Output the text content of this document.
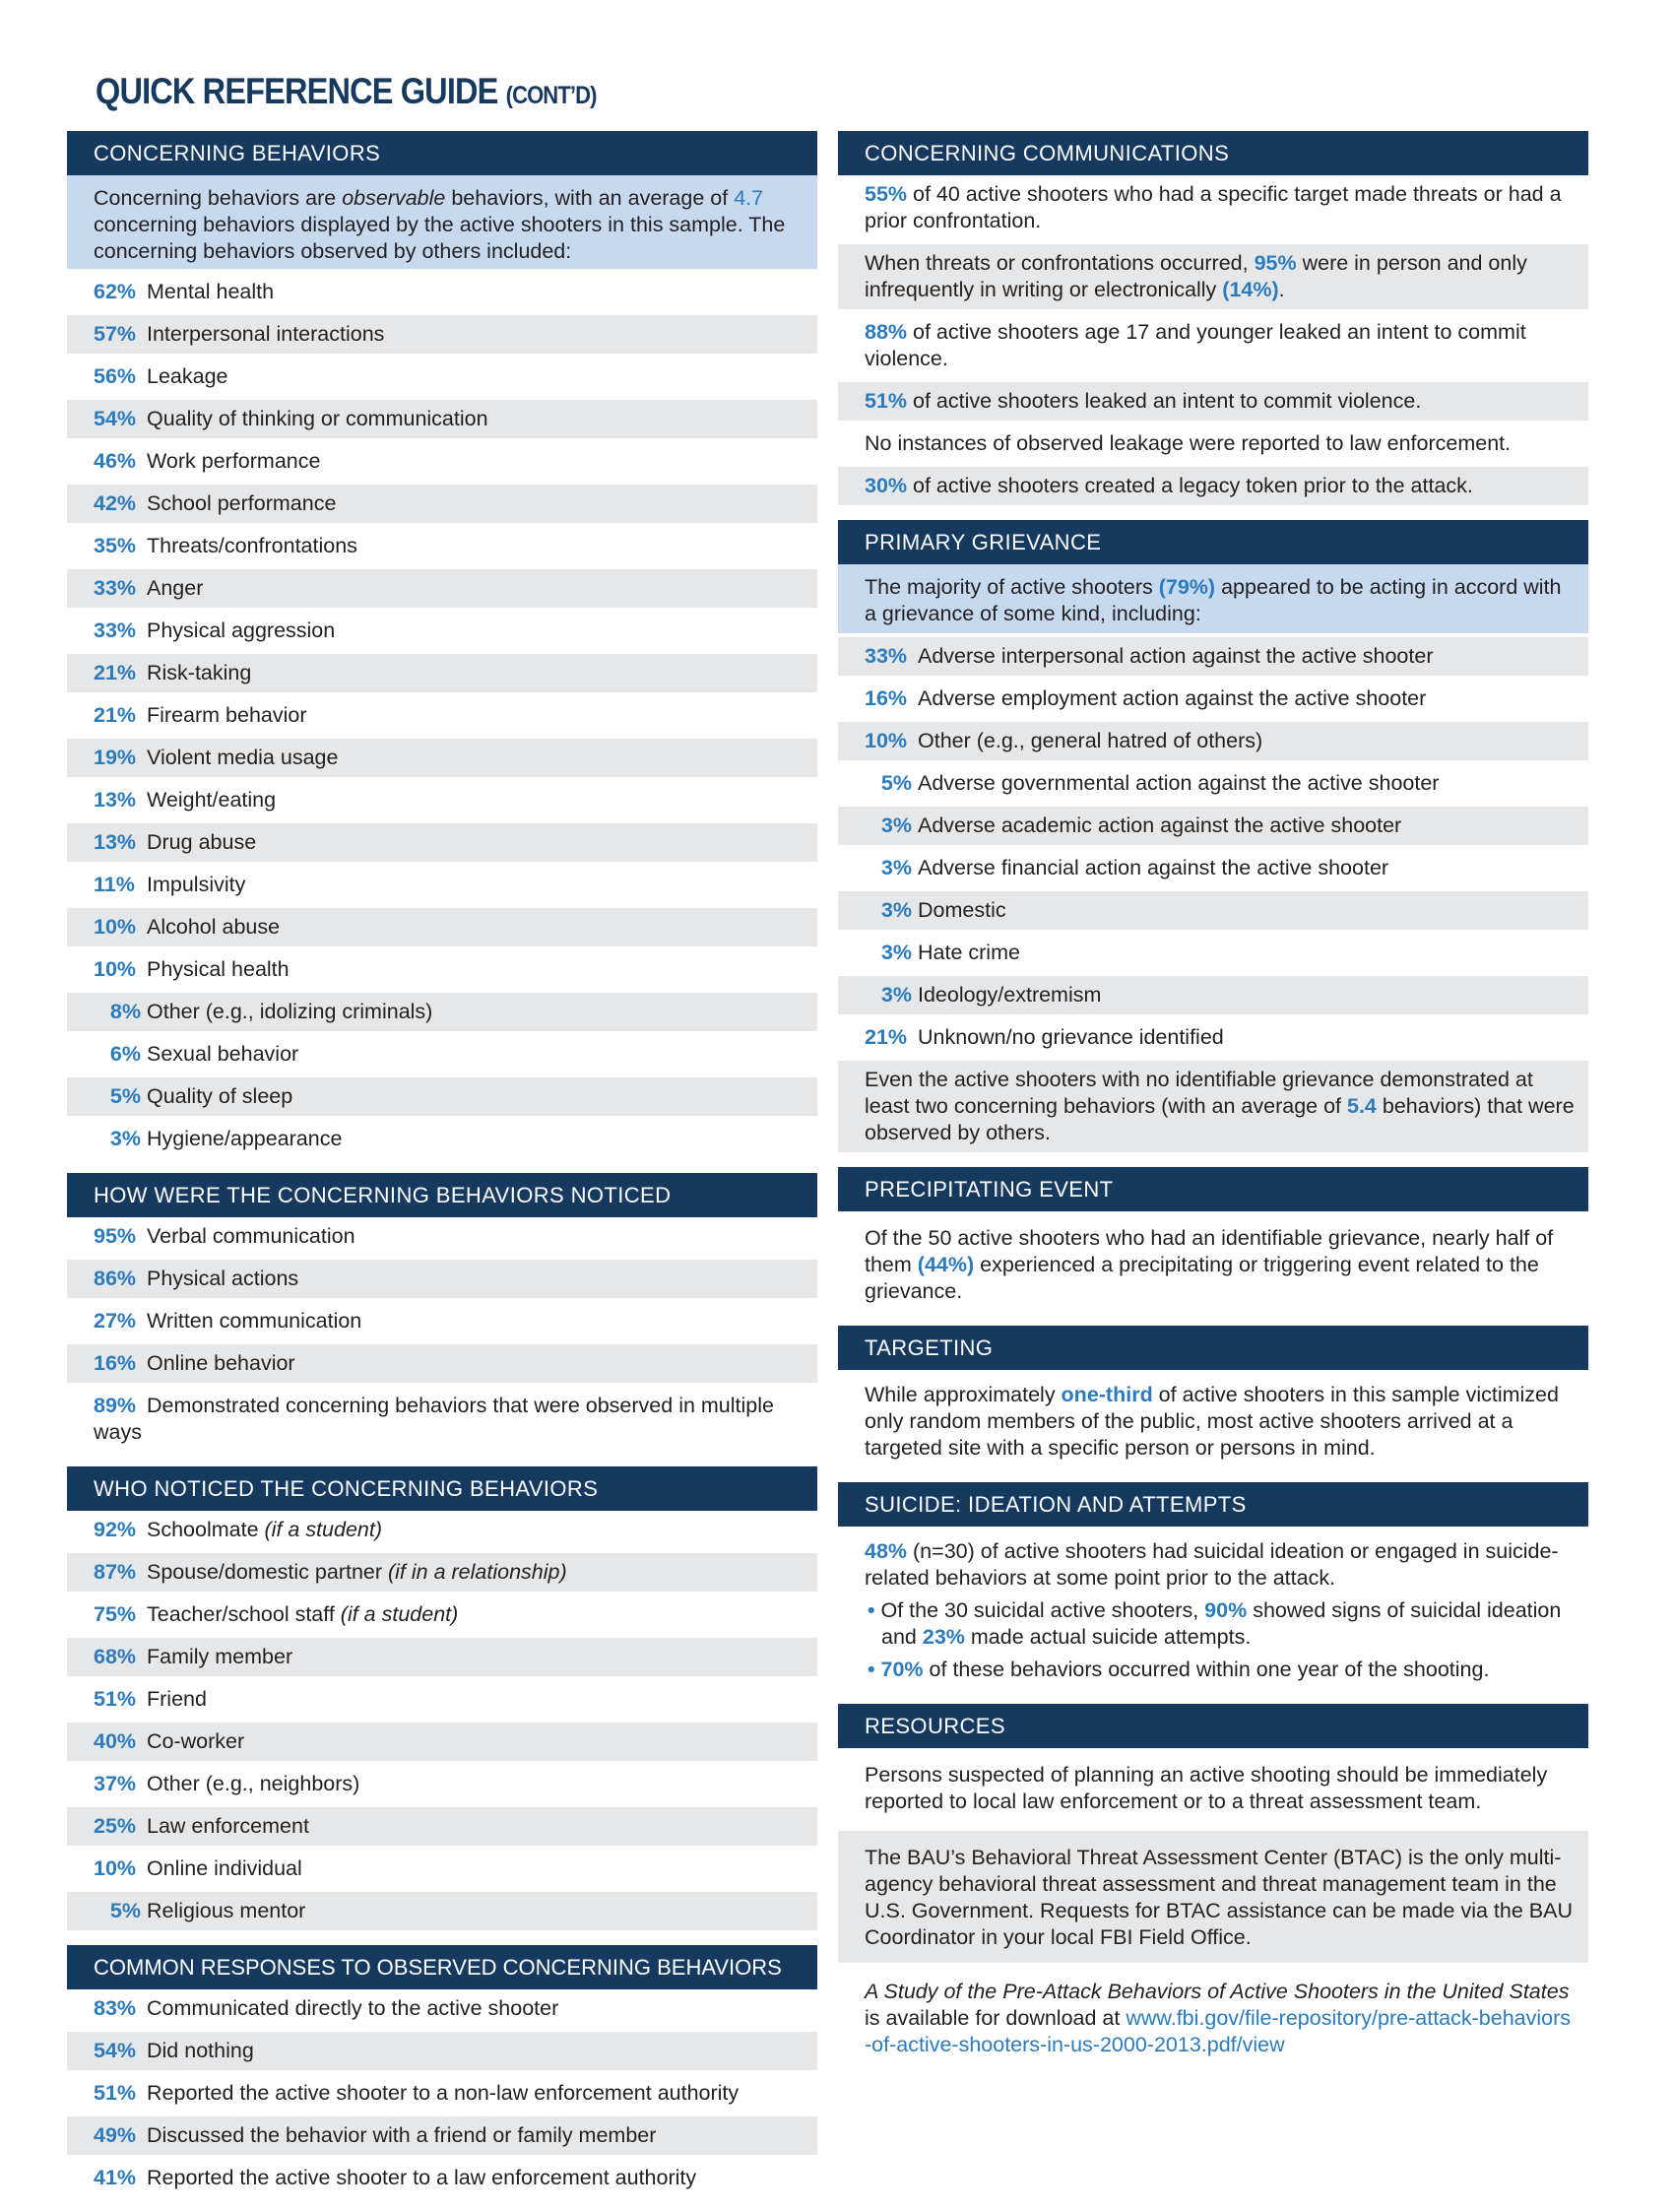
QUICK REFERENCE GUIDE (CONT’D)
CONCERNING BEHAVIORS
Concerning behaviors are observable behaviors, with an average of 4.7 concerning behaviors displayed by the active shooters in this sample. The concerning behaviors observed by others included:
62% Mental health
57% Interpersonal interactions
56% Leakage
54% Quality of thinking or communication
46% Work performance
42% School performance
35% Threats/confrontations
33% Anger
33% Physical aggression
21% Risk-taking
21% Firearm behavior
19% Violent media usage
13% Weight/eating
13% Drug abuse
11% Impulsivity
10% Alcohol abuse
10% Physical health
8% Other (e.g., idolizing criminals)
6% Sexual behavior
5% Quality of sleep
3% Hygiene/appearance
HOW WERE THE CONCERNING BEHAVIORS NOTICED
95% Verbal communication
86% Physical actions
27% Written communication
16% Online behavior
89% Demonstrated concerning behaviors that were observed in multiple ways
WHO NOTICED THE CONCERNING BEHAVIORS
92% Schoolmate (if a student)
87% Spouse/domestic partner (if in a relationship)
75% Teacher/school staff (if a student)
68% Family member
51% Friend
40% Co-worker
37% Other (e.g., neighbors)
25% Law enforcement
10% Online individual
5% Religious mentor
COMMON RESPONSES TO OBSERVED CONCERNING BEHAVIORS
83% Communicated directly to the active shooter
54% Did nothing
51% Reported the active shooter to a non-law enforcement authority
49% Discussed the behavior with a friend or family member
41% Reported the active shooter to a law enforcement authority
CONCERNING COMMUNICATIONS
55% of 40 active shooters who had a specific target made threats or had a prior confrontation.
When threats or confrontations occurred, 95% were in person and only infrequently in writing or electronically (14%).
88% of active shooters age 17 and younger leaked an intent to commit violence.
51% of active shooters leaked an intent to commit violence.
No instances of observed leakage were reported to law enforcement.
30% of active shooters created a legacy token prior to the attack.
PRIMARY GRIEVANCE
The majority of active shooters (79%) appeared to be acting in accord with a grievance of some kind, including:
33% Adverse interpersonal action against the active shooter
16% Adverse employment action against the active shooter
10% Other (e.g., general hatred of others)
5% Adverse governmental action against the active shooter
3% Adverse academic action against the active shooter
3% Adverse financial action against the active shooter
3% Domestic
3% Hate crime
3% Ideology/extremism
21% Unknown/no grievance identified
Even the active shooters with no identifiable grievance demonstrated at least two concerning behaviors (with an average of 5.4 behaviors) that were observed by others.
PRECIPITATING EVENT
Of the 50 active shooters who had an identifiable grievance, nearly half of them (44%) experienced a precipitating or triggering event related to the grievance.
TARGETING
While approximately one-third of active shooters in this sample victimized only random members of the public, most active shooters arrived at a targeted site with a specific person or persons in mind.
SUICIDE: IDEATION AND ATTEMPTS
48% (n=30) of active shooters had suicidal ideation or engaged in suicide-related behaviors at some point prior to the attack.
• Of the 30 suicidal active shooters, 90% showed signs of suicidal ideation and 23% made actual suicide attempts.
• 70% of these behaviors occurred within one year of the shooting.
RESOURCES
Persons suspected of planning an active shooting should be immediately reported to local law enforcement or to a threat assessment team.
The BAU’s Behavioral Threat Assessment Center (BTAC) is the only multi-agency behavioral threat assessment and threat management team in the U.S. Government. Requests for BTAC assistance can be made via the BAU Coordinator in your local FBI Field Office.
A Study of the Pre-Attack Behaviors of Active Shooters in the United States is available for download at www.fbi.gov/file-repository/pre-attack-behaviors-of-active-shooters-in-us-2000-2013.pdf/view
